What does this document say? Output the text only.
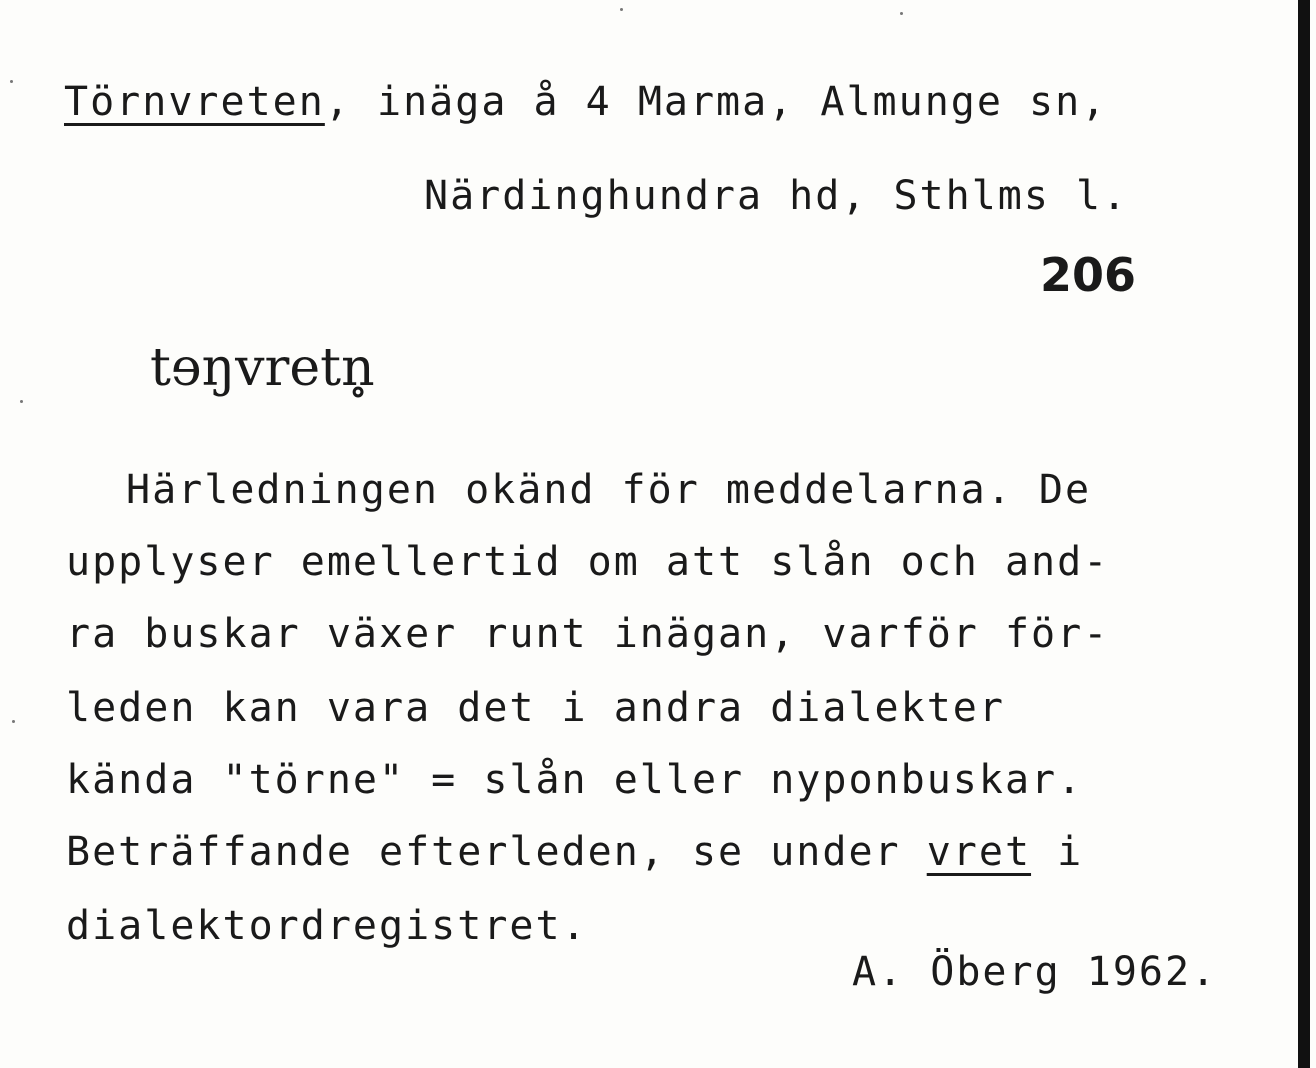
Törnvreten, inäga å 4 Marma, Almunge sn,
Närdinghundra hd, Sthlms l.
206
tɘŋvretn̥
Härledningen okänd för meddelarna. De
upplyser emellertid om att slån och and-
ra buskar växer runt inägan, varför för-
leden kan vara det i andra dialekter
kända "törne" = slån eller nyponbuskar.
Beträffande efterleden, se under vret i
dialektordregistret.
A. Öberg 1962.
